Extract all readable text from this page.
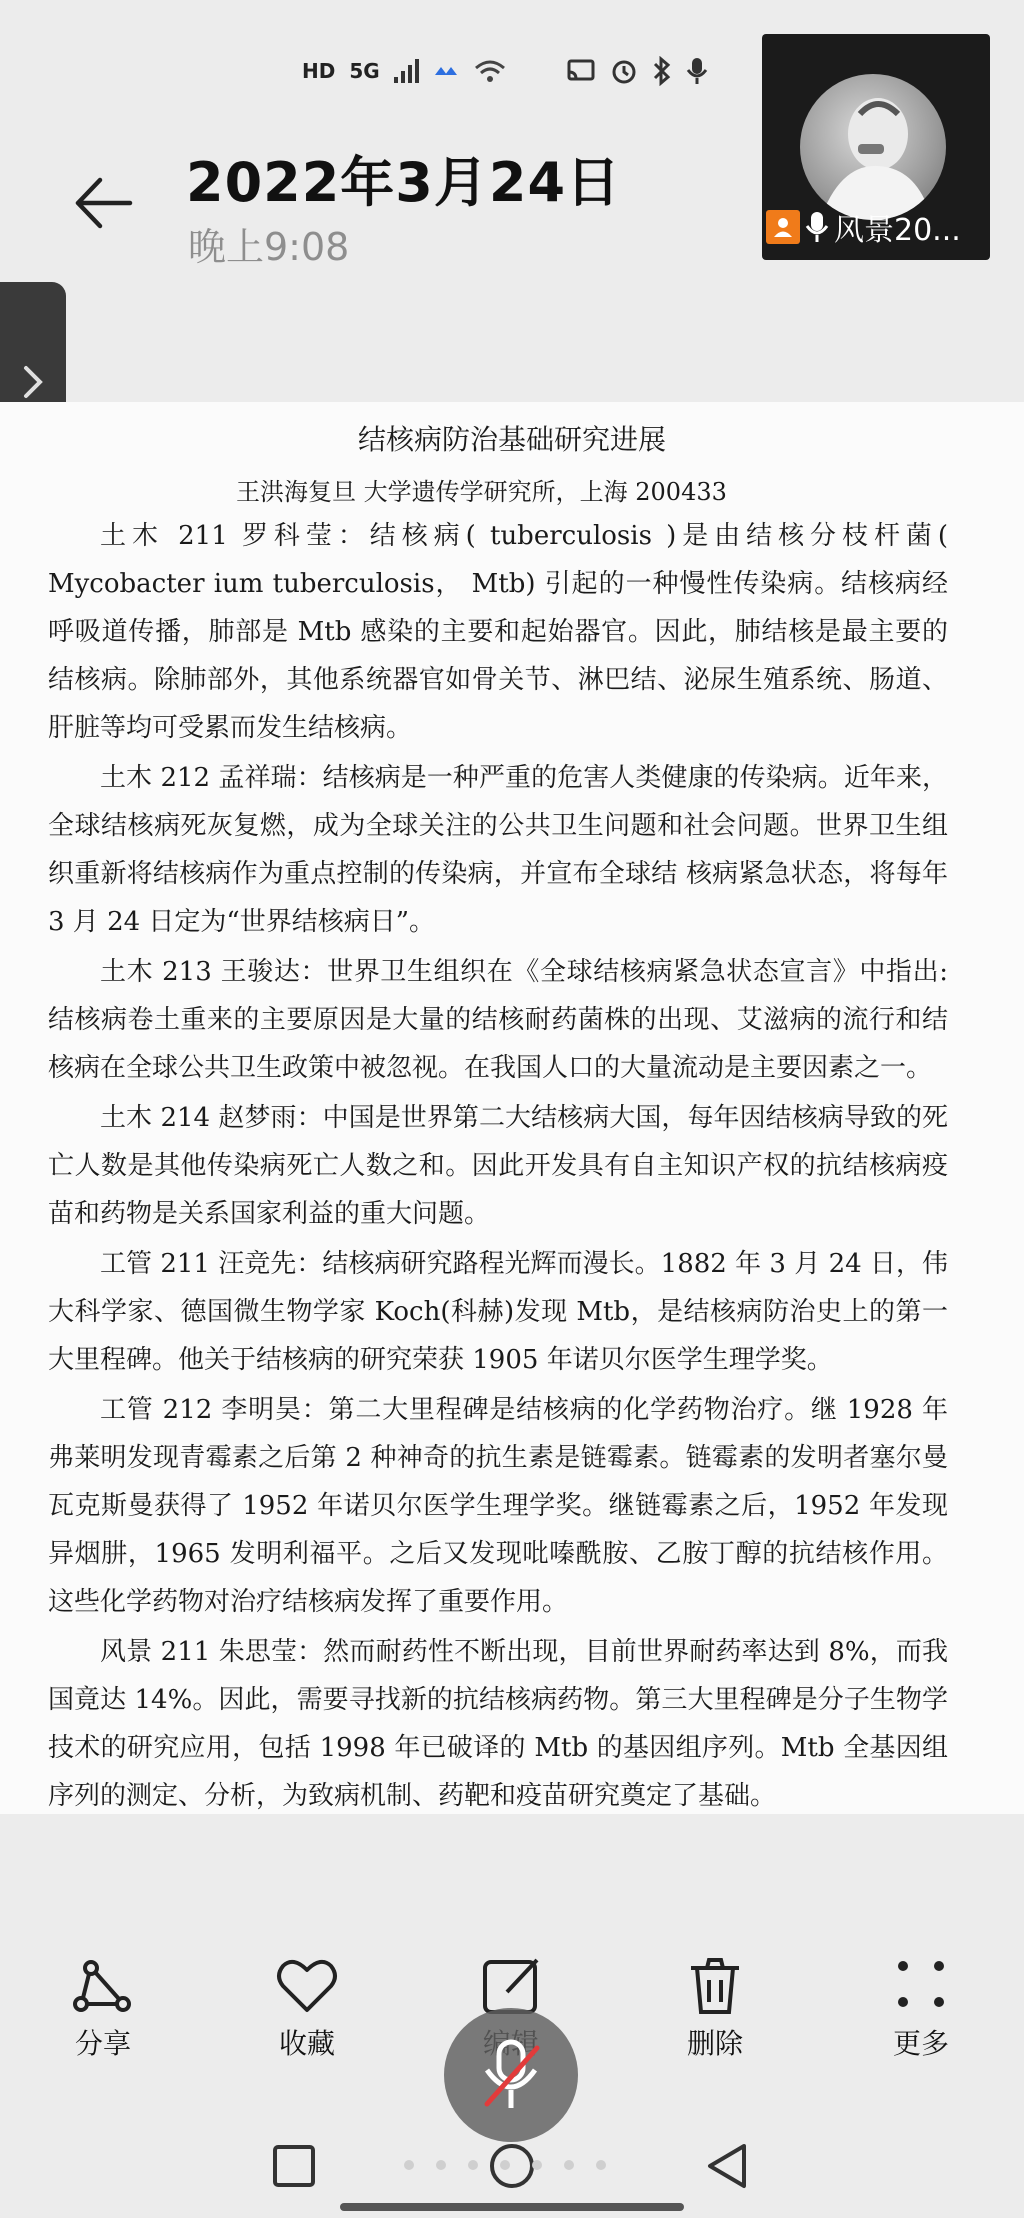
HD 5G
2022年3月24日
晚上9:08	风景20...
结核病防治基础研究进展
王洪海复旦 大学遗传学研究所，上海 200433

土木 211 罗科莹：结核病( tuberculosis )是由结核分枝杆菌( Mycobacter ium tuberculosis， Mtb) 引起的一种慢性传染病。结核病经呼吸道传播，肺部是 Mtb 感染的主要和起始器官。因此，肺结核是最主要的结核病。除肺部外，其他系统器官如骨关节、淋巴结、泌尿生殖系统、肠道、肝脏等均可受累而发生结核病。

土木 212 孟祥瑞：结核病是一种严重的危害人类健康的传染病。近年来，全球结核病死灰复燃，成为全球关注的公共卫生问题和社会问题。世界卫生组织重新将结核病作为重点控制的传染病，并宣布全球结 核病紧急状态，将每年 3 月 24 日定为“世界结核病日”。

土木 213 王骏达：世界卫生组织在《全球结核病紧急状态宣言》中指出:结核病卷土重来的主要原因是大量的结核耐药菌株的出现、艾滋病的流行和结核病在全球公共卫生政策中被忽视。在我国人口的大量流动是主要因素之一。

土木 214 赵梦雨：中国是世界第二大结核病大国，每年因结核病导致的死亡人数是其他传染病死亡人数之和。因此开发具有自主知识产权的抗结核病疫苗和药物是关系国家利益的重大问题。

工管 211 汪竞先：结核病研究路程光辉而漫长。1882 年 3 月 24 日，伟大科学家、德国微生物学家 Koch(科赫)发现 Mtb，是结核病防治史上的第一大里程碑。他关于结核病的研究荣获 1905 年诺贝尔医学生理学奖。

工管 212 李明昊：第二大里程碑是结核病的化学药物治疗。继 1928 年弗莱明发现青霉素之后第 2 种神奇的抗生素是链霉素。链霉素的发明者塞尔曼瓦克斯曼获得了 1952 年诺贝尔医学生理学奖。继链霉素之后，1952 年发现异烟肼，1965 发明利福平。之后又发现吡嗪酰胺、乙胺丁醇的抗结核作用。这些化学药物对治疗结核病发挥了重要作用。

风景 211 朱思莹：然而耐药性不断出现，目前世界耐药率达到 8%，而我国竟达 14%。因此，需要寻找新的抗结核病药物。第三大里程碑是分子生物学技术的研究应用，包括 1998 年已破译的 Mtb 的基因组序列。Mtb 全基因组序列的测定、分析，为致病机制、药靶和疫苗研究奠定了基础。

分享	收藏	删除	更多
